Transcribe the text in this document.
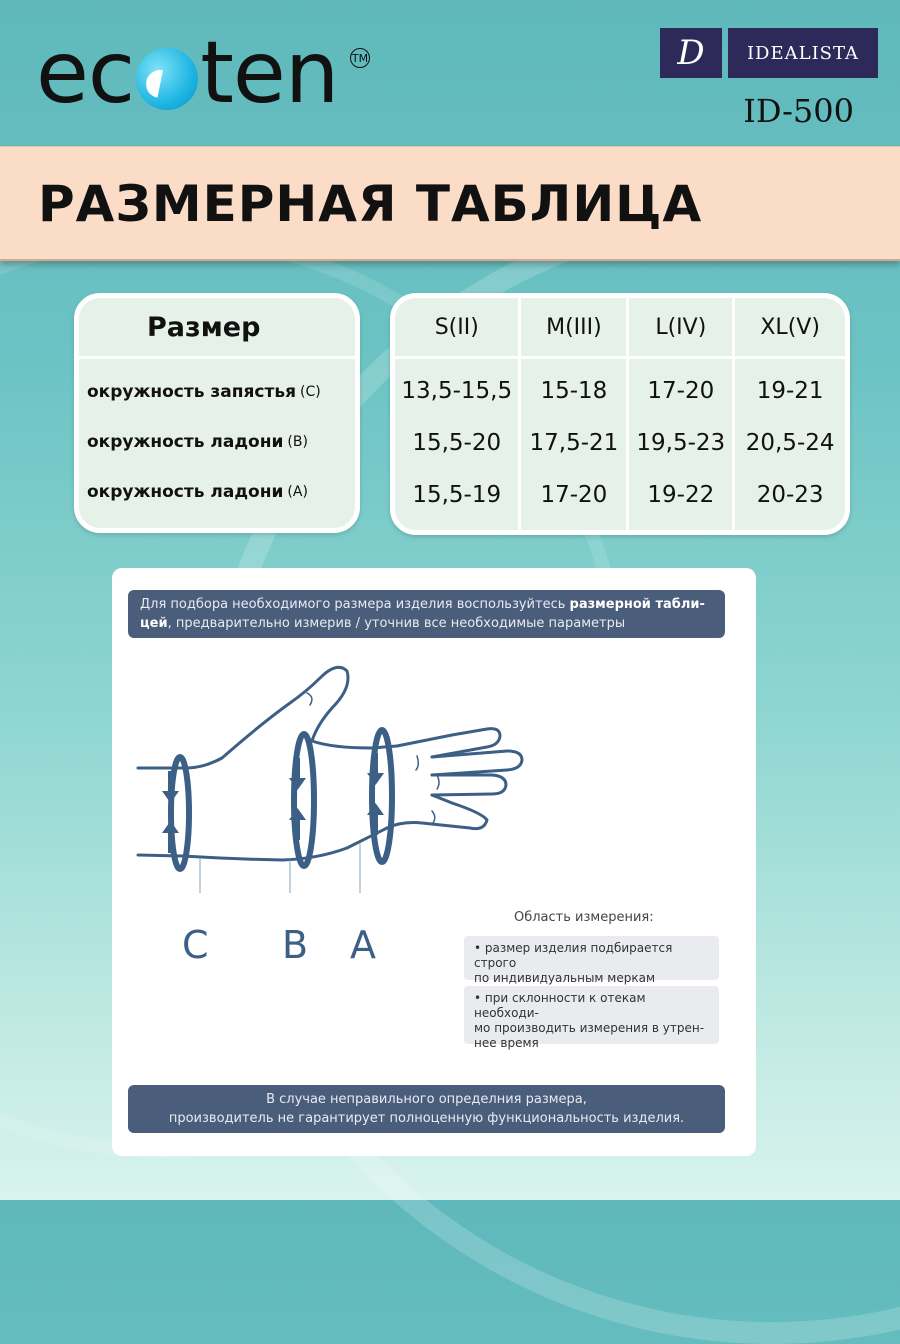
ec ten TM	D	IDEALISTA
ID-500
РАЗМЕРНАЯ ТАБЛИЦА
Размер
окружность запястья (С)
окружность ладони (В)
окружность ладони (А)
S(II)
13,5-15,5
15,5-20
15,5-19
M(III)
15-18
17,5-21
17-20
L(IV)
17-20
19,5-23
19-22
XL(V)
19-21
20,5-24
20-23
Для подбора необходимого размера изделия воспользуйтесь размерной табли-
цей, предварительно измерив / уточнив все необходимые параметры
C B A
Область измерения:
• размер изделия подбирается строго
по индивидуальным меркам
• при склонности к отекам необходи-
мо производить измерения в утрен-
нее время
В случае неправильного определния размера,
производитель не гарантирует полноценную функциональность изделия.
